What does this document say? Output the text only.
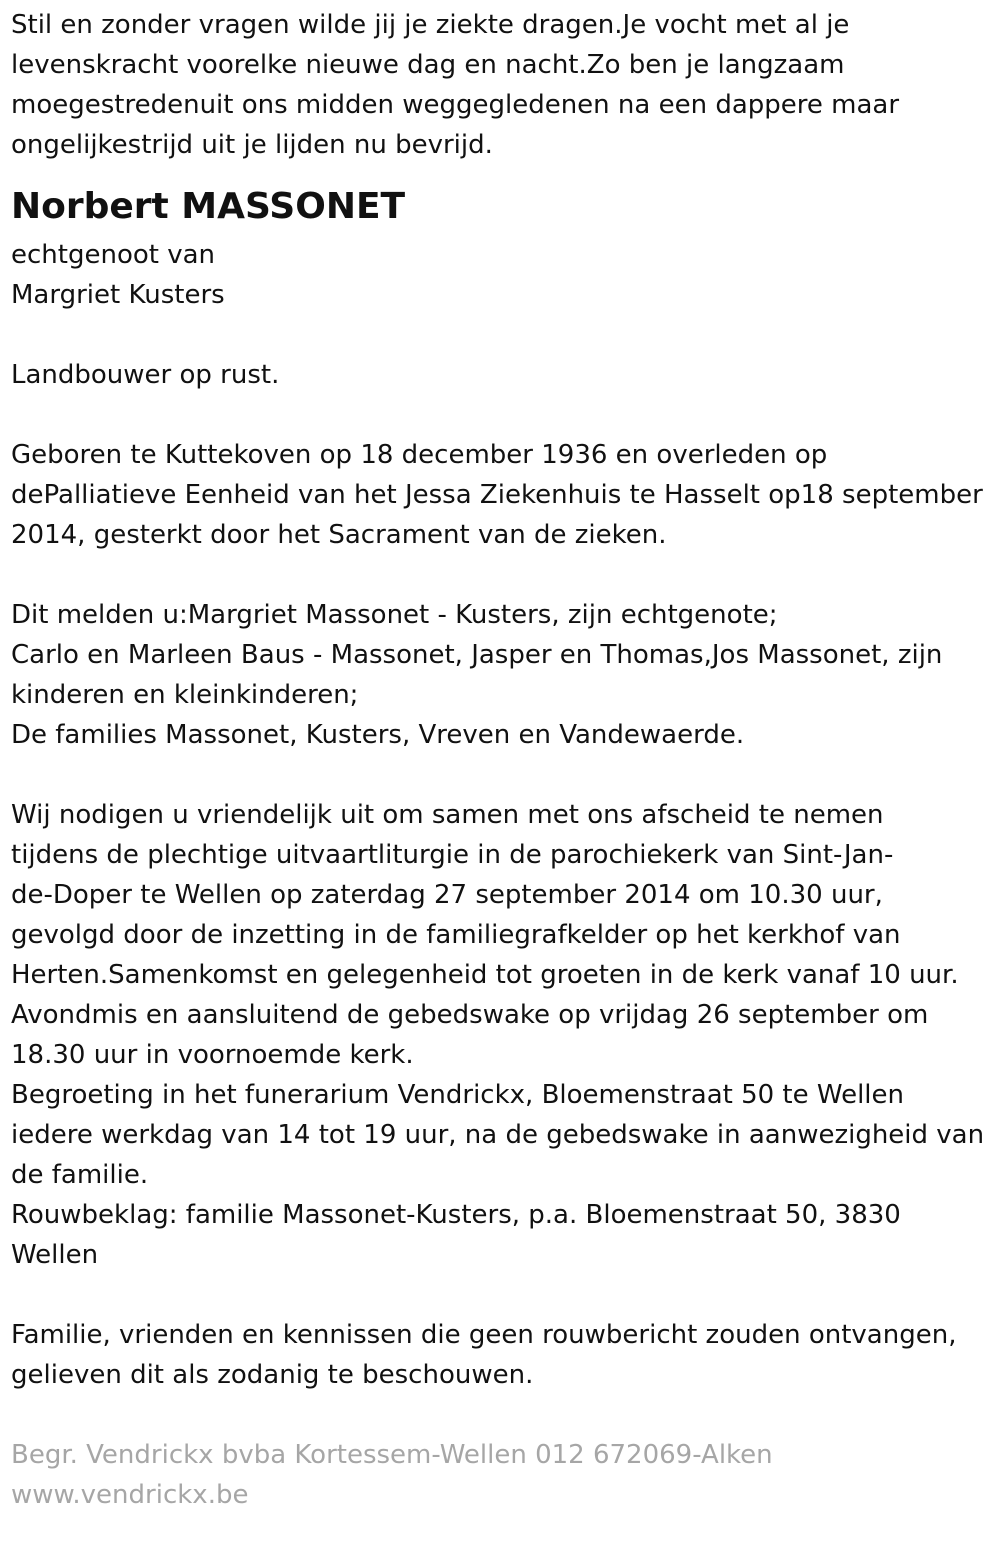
Stil en zonder vragen wilde jij je ziekte dragen.Je vocht met al je
levenskracht voorelke nieuwe dag en nacht.Zo ben je langzaam
moegestredenuit ons midden weggegledenen na een dappere maar
ongelijkestrijd uit je lijden nu bevrijd.
Norbert MASSONET
echtgenoot van
Margriet Kusters
Landbouwer op rust.
Geboren te Kuttekoven op 18 december 1936 en overleden op
dePalliatieve Eenheid van het Jessa Ziekenhuis te Hasselt op18 september
2014, gesterkt door het Sacrament van de zieken.
Dit melden u:Margriet Massonet - Kusters, zijn echtgenote;
Carlo en Marleen Baus - Massonet, Jasper en Thomas,Jos Massonet, zijn
kinderen en kleinkinderen;
De families Massonet, Kusters, Vreven en Vandewaerde.
Wij nodigen u vriendelijk uit om samen met ons afscheid te nemen
tijdens de plechtige uitvaartliturgie in de parochiekerk van Sint-Jan-
de-Doper te Wellen op zaterdag 27 september 2014 om 10.30 uur,
gevolgd door de inzetting in de familiegrafkelder op het kerkhof van
Herten.Samenkomst en gelegenheid tot groeten in de kerk vanaf 10 uur.
Avondmis en aansluitend de gebedswake op vrijdag 26 september om
18.30 uur in voornoemde kerk.
Begroeting in het funerarium Vendrickx, Bloemenstraat 50 te Wellen
iedere werkdag van 14 tot 19 uur, na de gebedswake in aanwezigheid van
de familie.
Rouwbeklag: familie Massonet-Kusters, p.a. Bloemenstraat 50, 3830
Wellen
Familie, vrienden en kennissen die geen rouwbericht zouden ontvangen,
gelieven dit als zodanig te beschouwen.
Begr. Vendrickx bvba Kortessem-Wellen 012 672069-Alken
www.vendrickx.be
